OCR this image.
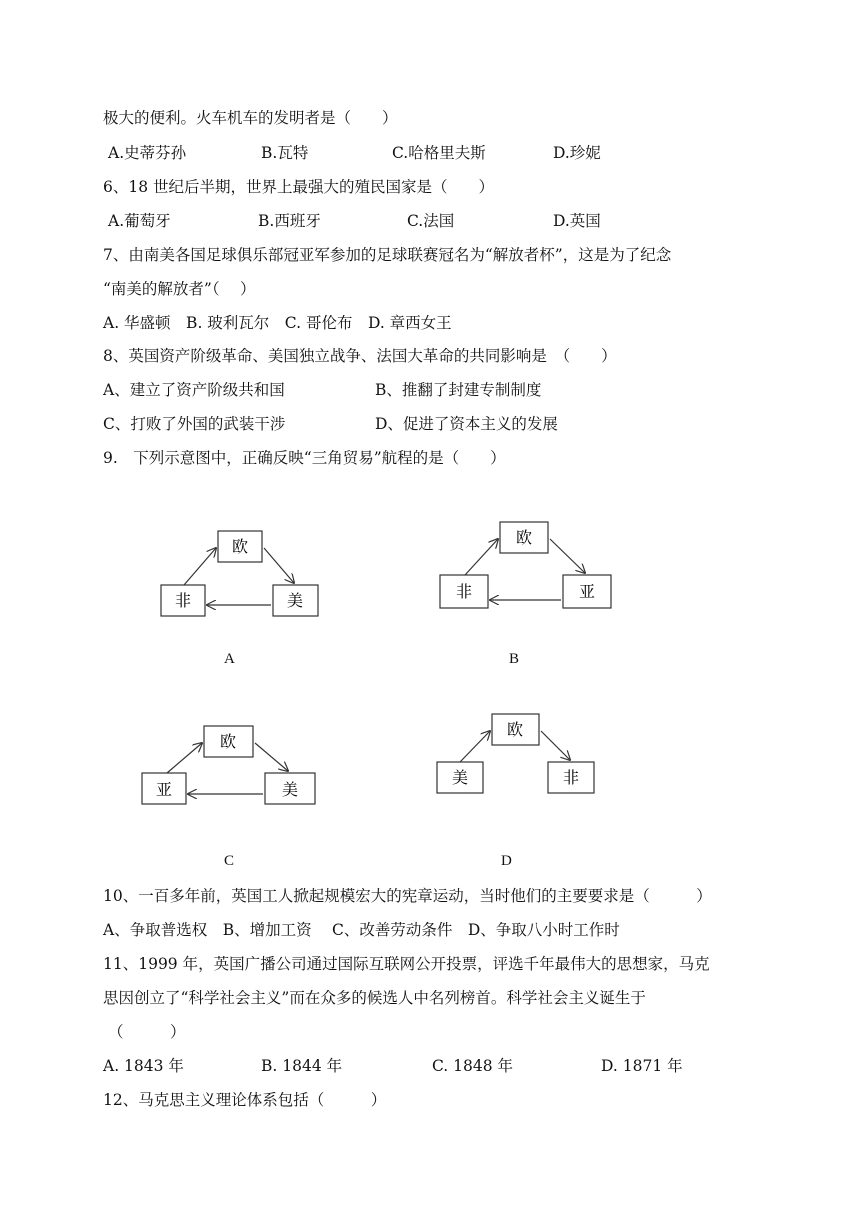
极大的便利。火车机车的发明者是（　　）
A.史蒂芬孙	B.瓦特	C.哈格里夫斯	D.珍妮
6、18 世纪后半期，世界上最强大的殖民国家是（　　）
A.葡萄牙	B.西班牙	C.法国	D.英国
7、由南美各国足球俱乐部冠亚军参加的足球联赛冠名为“解放者杯”，这是为了纪念
“南美的解放者”（　 ）
A. 华盛顿　B. 玻利瓦尔　C. 哥伦布　D. 章西女王
8、英国资产阶级革命、美国独立战争、法国大革命的共同影响是　（　　）
A、建立了资产阶级共和国	B、推翻了封建专制制度
C、打败了外国的武装干涉	D、促进了资本主义的发展
9.　下列示意图中，正确反映“三角贸易”航程的是（　　）
欧
非	美
A
欧
非	亚
B
欧
亚	美
C
欧
美	非
D
10、一百多年前，英国工人掀起规模宏大的宪章运动，当时他们的主要要求是（　　　）
A、争取普选权　B、增加工资　 C、改善劳动条件　D、争取八小时工作时
11、1999 年，英国广播公司通过国际互联网公开投票，评选千年最伟大的思想家，马克
思因创立了“科学社会主义”而在众多的候选人中名列榜首。科学社会主义诞生于
（　　　）
A. 1843 年	B. 1844 年	C. 1848 年	D. 1871 年
12、马克思主义理论体系包括（　　　）
